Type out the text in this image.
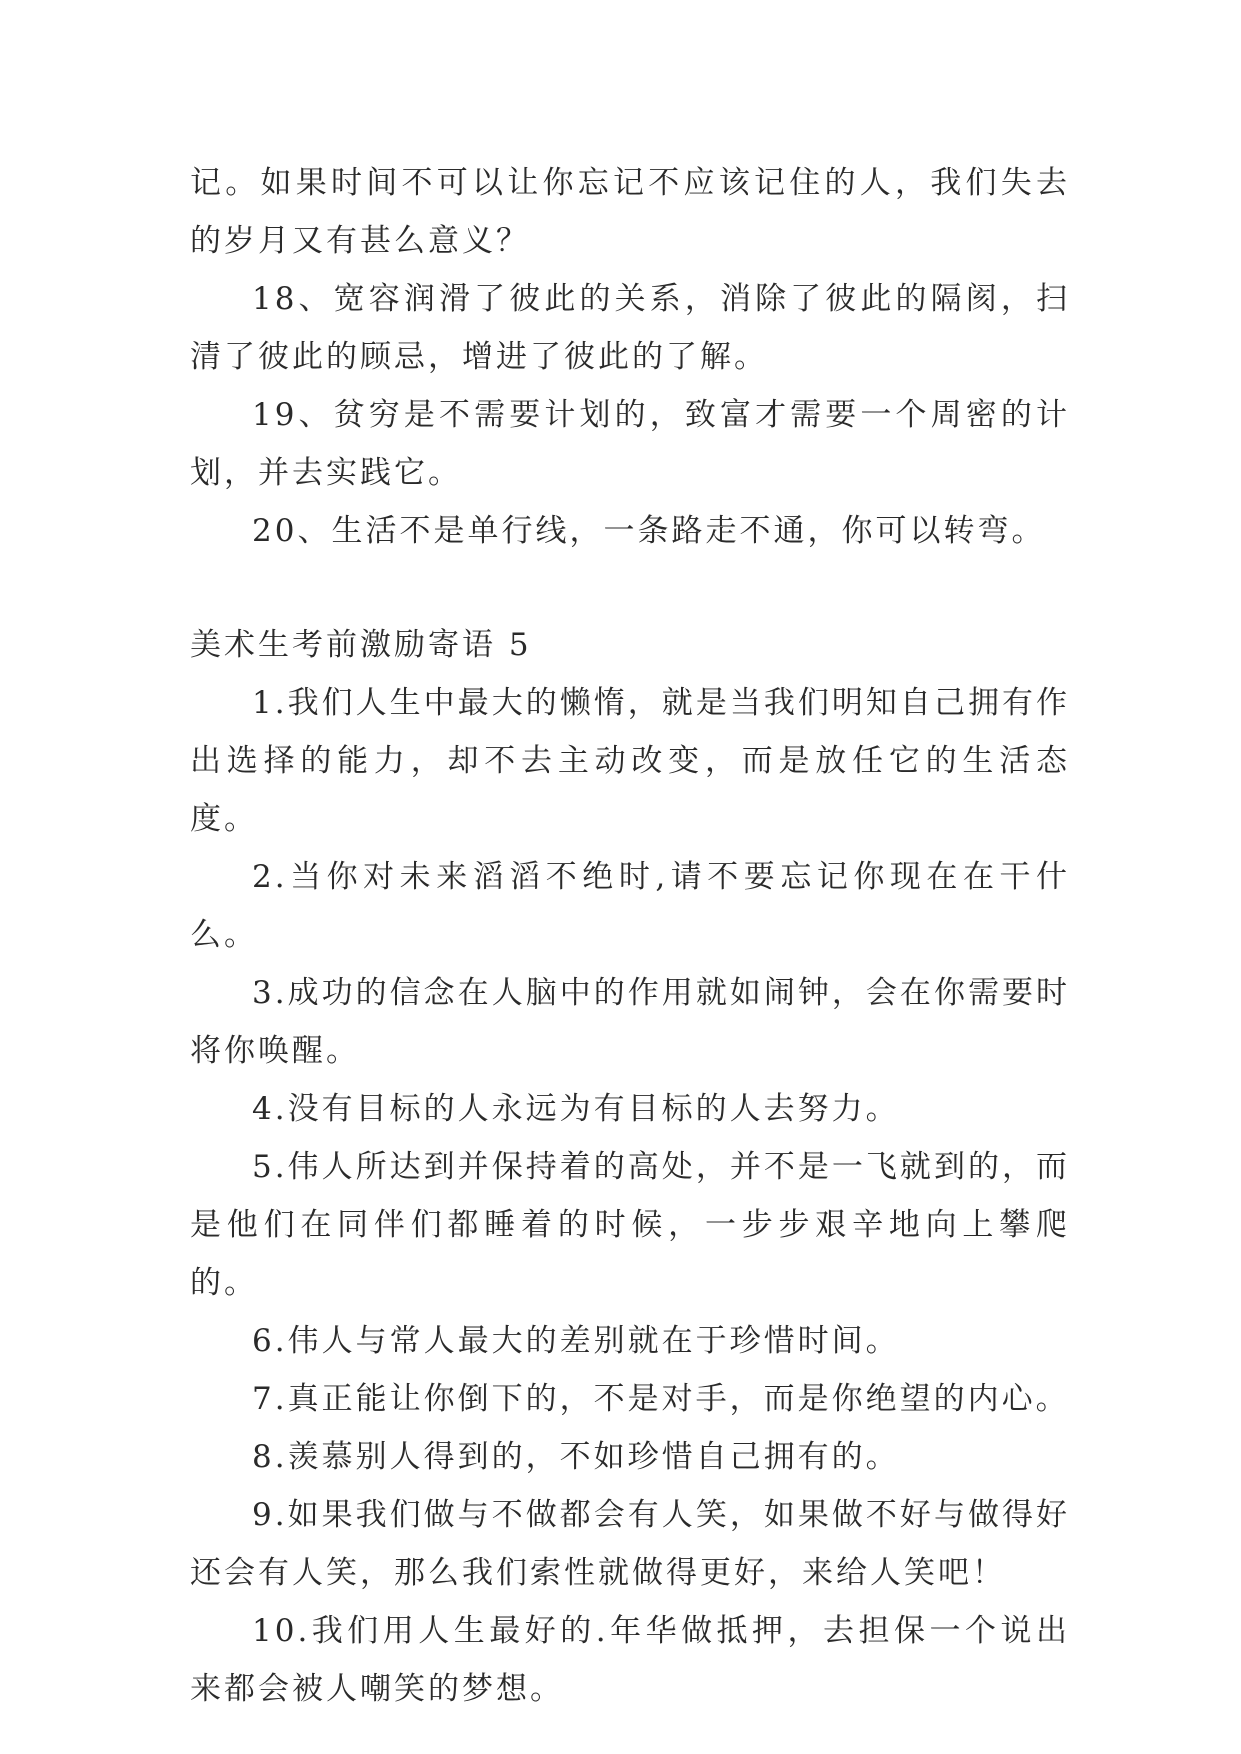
记。如果时间不可以让你忘记不应该记住的人，我们失去的岁月又有甚么意义？

18、宽容润滑了彼此的关系，消除了彼此的隔阂，扫清了彼此的顾忌，增进了彼此的了解。

19、贫穷是不需要计划的，致富才需要一个周密的计划，并去实践它。

20、生活不是单行线，一条路走不通，你可以转弯。

美术生考前激励寄语 5

1.我们人生中最大的懒惰，就是当我们明知自己拥有作出选择的能力，却不去主动改变，而是放任它的生活态度。

2.当你对未来滔滔不绝时,请不要忘记你现在在干什么。

3.成功的信念在人脑中的作用就如闹钟，会在你需要时将你唤醒。

4.没有目标的人永远为有目标的人去努力。

5.伟人所达到并保持着的高处，并不是一飞就到的，而是他们在同伴们都睡着的时候，一步步艰辛地向上攀爬的。

6.伟人与常人最大的差别就在于珍惜时间。

7.真正能让你倒下的，不是对手，而是你绝望的内心。

8.羡慕别人得到的，不如珍惜自己拥有的。

9.如果我们做与不做都会有人笑，如果做不好与做得好还会有人笑，那么我们索性就做得更好，来给人笑吧！

10.我们用人生最好的.年华做抵押，去担保一个说出来都会被人嘲笑的梦想。
